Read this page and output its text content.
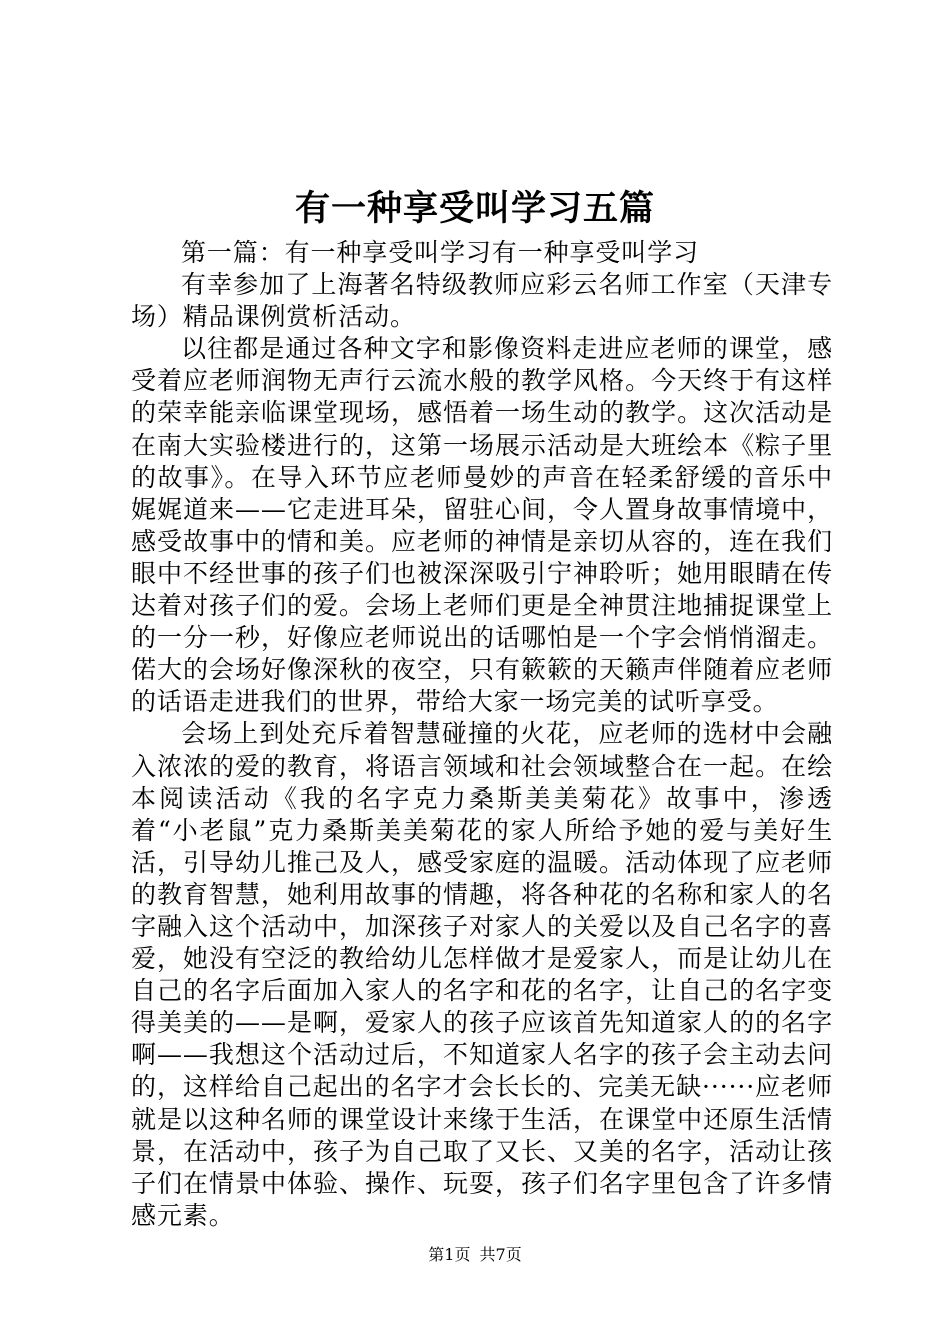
有一种享受叫学习五篇

第一篇：有一种享受叫学习有一种享受叫学习

有幸参加了上海著名特级教师应彩云名师工作室（天津专场）精品课例赏析活动。

以往都是通过各种文字和影像资料走进应老师的课堂，感受着应老师润物无声行云流水般的教学风格。今天终于有这样的荣幸能亲临课堂现场，感悟着一场生动的教学。这次活动是在南大实验楼进行的，这第一场展示活动是大班绘本《粽子里的故事》。在导入环节应老师曼妙的声音在轻柔舒缓的音乐中娓娓道来——它走进耳朵，留驻心间，令人置身故事情境中，感受故事中的情和美。应老师的神情是亲切从容的，连在我们眼中不经世事的孩子们也被深深吸引宁神聆听；她用眼睛在传达着对孩子们的爱。会场上老师们更是全神贯注地捕捉课堂上的一分一秒，好像应老师说出的话哪怕是一个字会悄悄溜走。偌大的会场好像深秋的夜空，只有簌簌的天籁声伴随着应老师的话语走进我们的世界，带给大家一场完美的试听享受。

会场上到处充斥着智慧碰撞的火花，应老师的选材中会融入浓浓的爱的教育，将语言领域和社会领域整合在一起。在绘本阅读活动《我的名字克力桑斯美美菊花》故事中，渗透着“小老鼠”克力桑斯美美菊花的家人所给予她的爱与美好生活，引导幼儿推己及人，感受家庭的温暖。活动体现了应老师的教育智慧，她利用故事的情趣，将各种花的名称和家人的名字融入这个活动中，加深孩子对家人的关爱以及自己名字的喜爱，她没有空泛的教给幼儿怎样做才是爱家人，而是让幼儿在自己的名字后面加入家人的名字和花的名字，让自己的名字变得美美的——是啊，爱家人的孩子应该首先知道家人的的名字啊——我想这个活动过后，不知道家人名字的孩子会主动去问的，这样给自己起出的名字才会长长的、完美无缺······应老师就是以这种名师的课堂设计来缘于生活，在课堂中还原生活情景，在活动中，孩子为自己取了又长、又美的名字，活动让孩子们在情景中体验、操作、玩耍，孩子们名字里包含了许多情感元素。

第1页 共7页
